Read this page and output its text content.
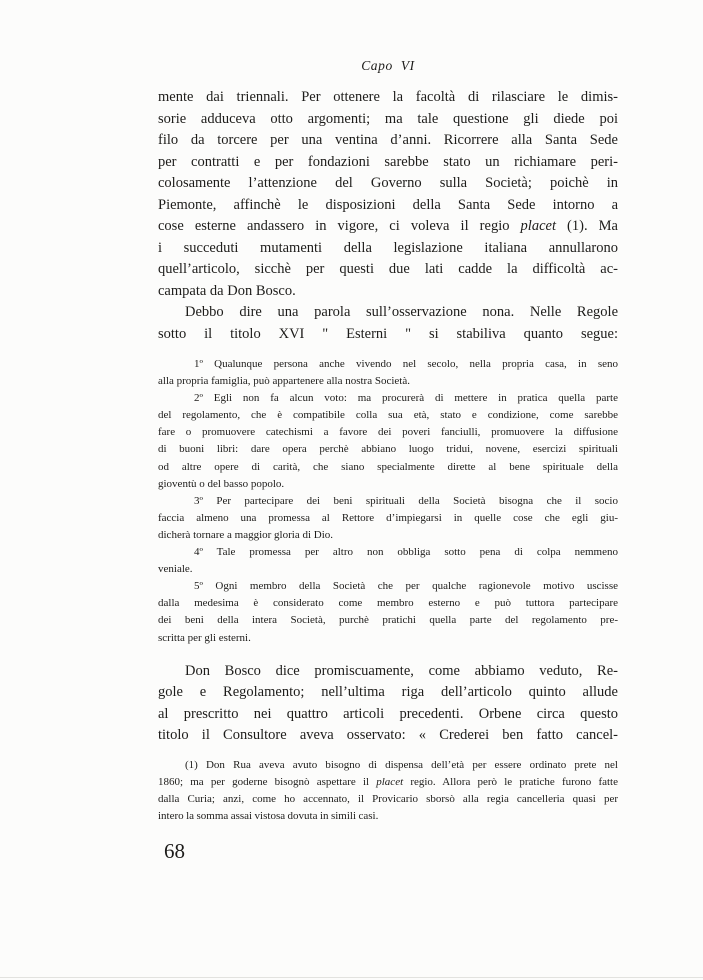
Capo VI
mente dai triennali. Per ottenere la facoltà di rilasciare le dimis-
sorie adduceva otto argomenti; ma tale questione gli diede poi
filo da torcere per una ventina d’anni. Ricorrere alla Santa Sede
per contratti e per fondazioni sarebbe stato un richiamare peri-
colosamente l’attenzione del Governo sulla Società; poichè in
Piemonte, affinchè le disposizioni della Santa Sede intorno a
cose esterne andassero in vigore, ci voleva il regio placet (1). Ma
i succeduti mutamenti della legislazione italiana annullarono
quell’articolo, sicchè per questi due lati cadde la difficoltà ac-
campata da Don Bosco.
Debbo dire una parola sull’osservazione nona. Nelle Regole
sotto il titolo XVI " Esterni " si stabiliva quanto segue:
1º Qualunque persona anche vivendo nel secolo, nella propria casa, in seno
alla propria famiglia, può appartenere alla nostra Società.
2º Egli non fa alcun voto: ma procurerà di mettere in pratica quella parte
del regolamento, che è compatibile colla sua età, stato e condizione, come sarebbe
fare o promuovere catechismi a favore dei poveri fanciulli, promuovere la diffusione
di buoni libri: dare opera perchè abbiano luogo tridui, novene, esercizi spirituali
od altre opere di carità, che siano specialmente dirette al bene spirituale della
gioventù o del basso popolo.
3º Per partecipare dei beni spirituali della Società bisogna che il socio
faccia almeno una promessa al Rettore d’impiegarsi in quelle cose che egli giu-
dicherà tornare a maggior gloria di Dio.
4º Tale promessa per altro non obbliga sotto pena di colpa nemmeno
veniale.
5º Ogni membro della Società che per qualche ragionevole motivo uscisse
dalla medesima è considerato come membro esterno e può tuttora partecipare
dei beni della intera Società, purchè pratichi quella parte del regolamento pre-
scritta per gli esterni.
Don Bosco dice promiscuamente, come abbiamo veduto, Re-
gole e Regolamento; nell’ultima riga dell’articolo quinto allude
al prescritto nei quattro articoli precedenti. Orbene circa questo
titolo il Consultore aveva osservato: « Crederei ben fatto cancel-
(1) Don Rua aveva avuto bisogno di dispensa dell’età per essere ordinato prete nel
1860; ma per goderne bisognò aspettare il placet regio. Allora però le pratiche furono fatte
dalla Curia; anzi, come ho accennato, il Provicario sborsò alla regia cancelleria quasi per
intero la somma assai vistosa dovuta in simili casi.
68
